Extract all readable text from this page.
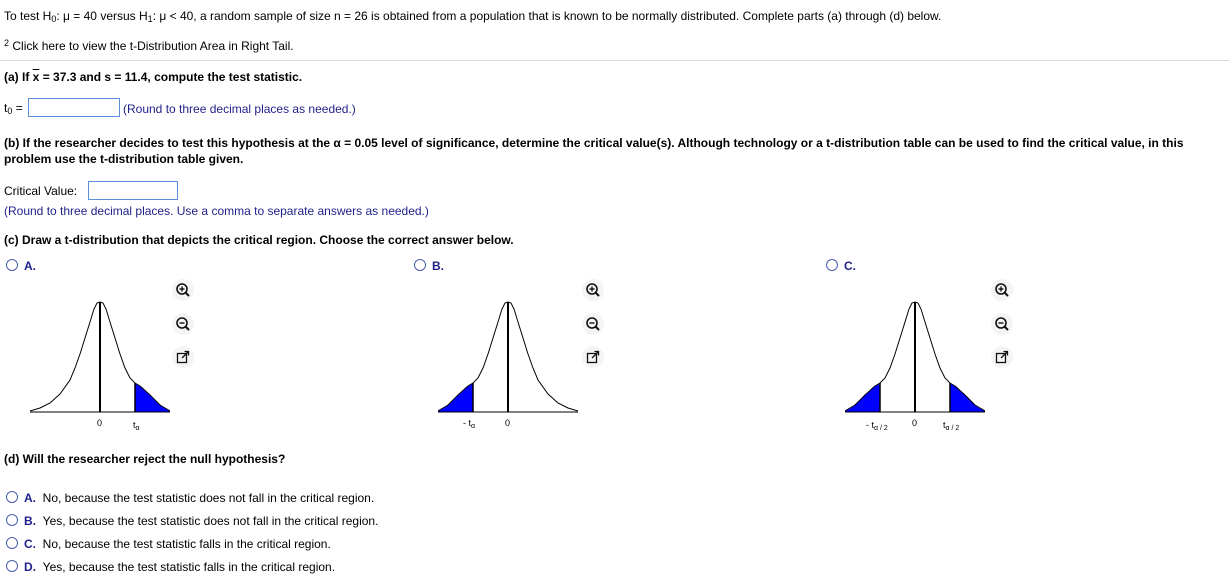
To test $H_0$: μ = 40 versus $H_1$: μ < 40, a random sample of size n = 26 is obtained from a population that is known to be normally distributed. Complete parts (a) through (d) below.
$^2$ Click here to view the t-Distribution Area in Right Tail.
(a) If $\overline{x} = 37.3$ and s = 11.4, compute the test statistic.
$t_0$ =	(Round to three decimal places as needed.)
(b) If the researcher decides to test this hypothesis at the α = 0.05 level of significance, determine the critical value(s). Although technology or a t-distribution table can be used to find the critical value, in this
problem use the t-distribution table given.
Critical Value:
(Round to three decimal places. Use a comma to separate answers as needed.)
(c) Draw a t-distribution that depicts the critical region. Choose the correct answer below.
A.
0	$t_\alpha$
B.
- $t_\alpha$	0
C.
- $t_{\alpha / 2}$
0	$t_{\alpha / 2}$
(d) Will the researcher reject the null hypothesis?
A. No, because the test statistic does not fall in the critical region.
B. Yes, because the test statistic does not fall in the critical region.
C. No, because the test statistic falls in the critical region.
D. Yes, because the test statistic falls in the critical region.
